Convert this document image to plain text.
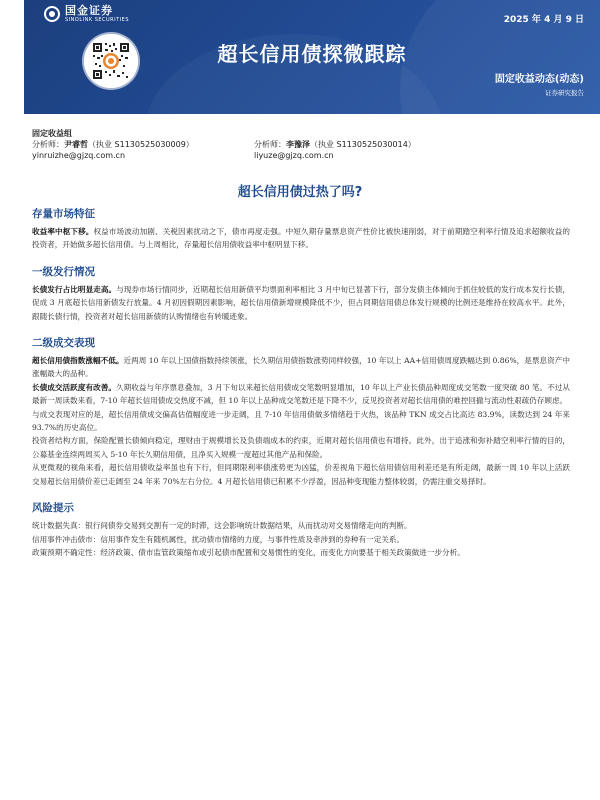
国金证券
SINOLINK SECURITIES	2025 年 4 月 9 日
超长信用债探微跟踪
固定收益动态(动态)
证券研究报告
固定收益组
分析师：尹睿哲（执业 S1130525030009）	分析师：李豫泽（执业 S1130525030014）
yinruizhe@gjzq.com.cn	liyuze@gjzq.com.cn
超长信用债过热了吗?
存量市场特征

收益率中枢下移。权益市场波动加剧、关税因素扰动之下，债市再度走强。中短久期存量票息资产性价比被快速削弱，对于前期踏空利率行情及追求超额收益的投资者，开始做多超长信用债。与上周相比，存量超长信用债收益率中枢明显下移。

一级发行情况

长债发行占比明显走高。与现券市场行情同步，近期超长信用新债平均票面利率相比 3 月中旬已显著下行，部分发债主体倾向于抓住较低的发行成本发行长债，促成 3 月底超长信用新债发行放量。4 月初因假期因素影响，超长信用债新增规模降低不少，但占同期信用债总体发行规模的比例还是维持在较高水平。此外，跟随长债行情，投资者对超长信用新债的认购情绪也有转暖迹象。

二级成交表现

超长信用债指数涨幅不低。近两周 10 年以上国债指数持续领涨，长久期信用债指数涨势同样较强，10 年以上 AA+信用债周度跌幅达到 0.86%，是票息资产中涨幅最大的品种。

长债成交活跃度有改善。久期收益与年序票息叠加，3 月下旬以来超长信用债成交笔数明显增加，10 年以上产业长债品种周度成交笔数一度突破 80 笔。不过从最新一周读数来看，7-10 年超长信用债成交热度不减，但 10 年以上品种成交笔数还是下降不少，反见投资者对超长信用债的难控回撤与流动性艰疏仍存顾虑。

与成交表现对应的是，超长信用债成交偏高估值幅度进一步走阔，且 7-10 年信用债做多情绪趋于火热，该品种 TKN 成交占比高达 83.9%，读数达到 24 年来 93.7%的历史高位。

投资者结构方面，保险配置长债倾向稳定，理财由于规模增长及负债端成本的约束，近期对超长信用债也有增持。此外，出于追涨和弥补踏空利率行情的目的，公募基金连续两周买入 5-10 年长久期信用债，且净买入规模一度超过其他产品和保险。

从更微观的视角来看，超长信用债收益率虽也有下行，但同期限利率债涨势更为凶猛，价差视角下超长信用债信用利差还是有所走阔，最新一周 10 年以上活跃交易超长信用债价差已走阔至 24 年来 70%左右分位。4 月超长信用债已积累不少浮盈，因品种变现能力整体较弱，仍需注重交易择时。

风险提示

统计数据失真：银行间债券交易到交割有一定的时滞，这会影响统计数据结果，从而扰动对交易情绪走向的判断。

信用事件冲击债市：信用事件发生有随机属性，扰动债市情绪的力度，与事件性质及牵涉到的券种有一定关系。

政策预期不确定性：经济政策、债市监管政策缩布或引起债市配置和交易惯性的变化，而变化方向要基于相关政策做进一步分析。
